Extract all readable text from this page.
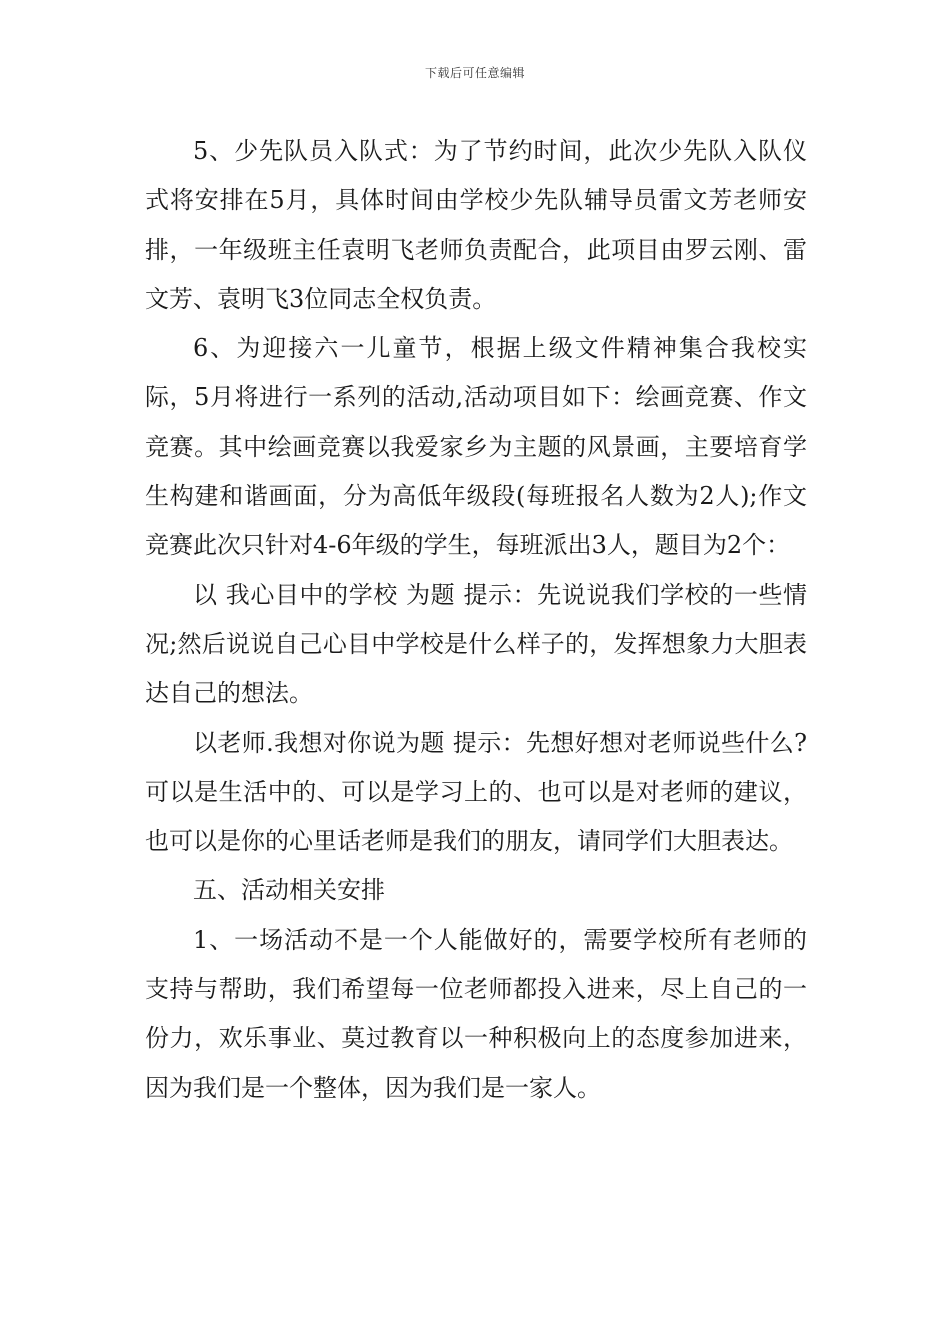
下载后可任意编辑

5、少先队员入队式：为了节约时间，此次少先队入队仪式将安排在5月，具体时间由学校少先队辅导员雷文芳老师安排，一年级班主任袁明飞老师负责配合，此项目由罗云刚、雷文芳、袁明飞3位同志全权负责。

6、为迎接六一儿童节，根据上级文件精神集合我校实际，5月将进行一系列的活动,活动项目如下：绘画竞赛、作文竞赛。其中绘画竞赛以我爱家乡为主题的风景画，主要培育学生构建和谐画面，分为高低年级段(每班报名人数为2人);作文竞赛此次只针对4-6年级的学生，每班派出3人，题目为2个：

以 我心目中的学校 为题 提示：先说说我们学校的一些情况;然后说说自己心目中学校是什么样子的，发挥想象力大胆表达自己的想法。

以老师.我想对你说为题 提示：先想好想对老师说些什么?可以是生活中的、可以是学习上的、也可以是对老师的建议，也可以是你的心里话老师是我们的朋友，请同学们大胆表达。

五、活动相关安排

1、一场活动不是一个人能做好的，需要学校所有老师的支持与帮助，我们希望每一位老师都投入进来，尽上自己的一份力，欢乐事业、莫过教育以一种积极向上的态度参加进来，因为我们是一个整体，因为我们是一家人。
